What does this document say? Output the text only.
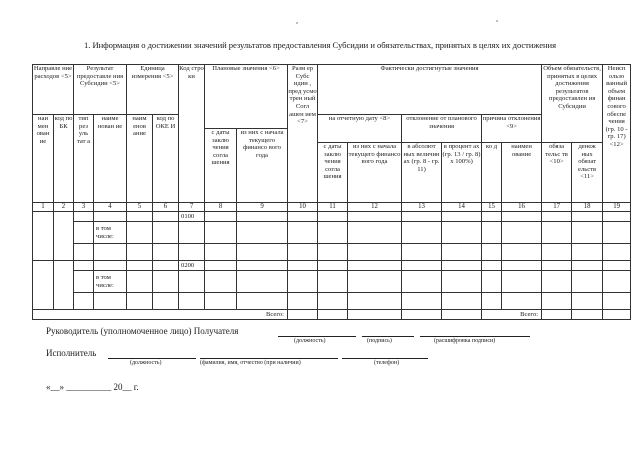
1. Информация о достижении значений результатов предоставления Субсидии и обязательствах, принятых в целях их достижения
Направле ние расходов <5>		Результат предоставле ния Субсидии <5>		Единица измерения <5>		Код стро ки	Плановые значения <6>		Разм ер Субс идии , пред усмо трен ный Согл ашен ием <7>	Фактически достигнутые значения						Объем обязательств, принятых в целях достижения результатов предоставлен ия Субсидии		Неисп ользо ванный объем финан сового обеспе чения (гр. 10 - гр. 17) <12>
наи мен ован ие	код по БК	тип рез уль тат а	наиме нован ие	наим енов ание	код по ОКЕ И					на отчетную дату <8>		отклонение от планового значения		причина отклонения <9>				
							с даты заклю чения согла шения	из них с начала текущего финансо вого года										
										с даты заклю чения согла шения	из них с начала текущего финансо вого года	в абсолют ных величин ах (гр. 8 - гр. 11)	в процент ах (гр. 13 / гр. 8) x 100%)	ко д	наимен ование	обяза тельс тв <10>	денеж ных обязат ельств <11>	
1	2	3	4	5	6	7	8	9	10	11	12	13	14	15	16	17	18	19
						0100												
			в том числе:															

						0200												
			в том числе:															

Всего:														Всего:				
Руководитель (уполномоченное лицо) Получателя
(должность)	(подпись)	(расшифровка подписи)
Исполнитель
(должность)	(фамилия, имя, отчество (при наличии)	(телефон)
«__» __________ 20__ г.
